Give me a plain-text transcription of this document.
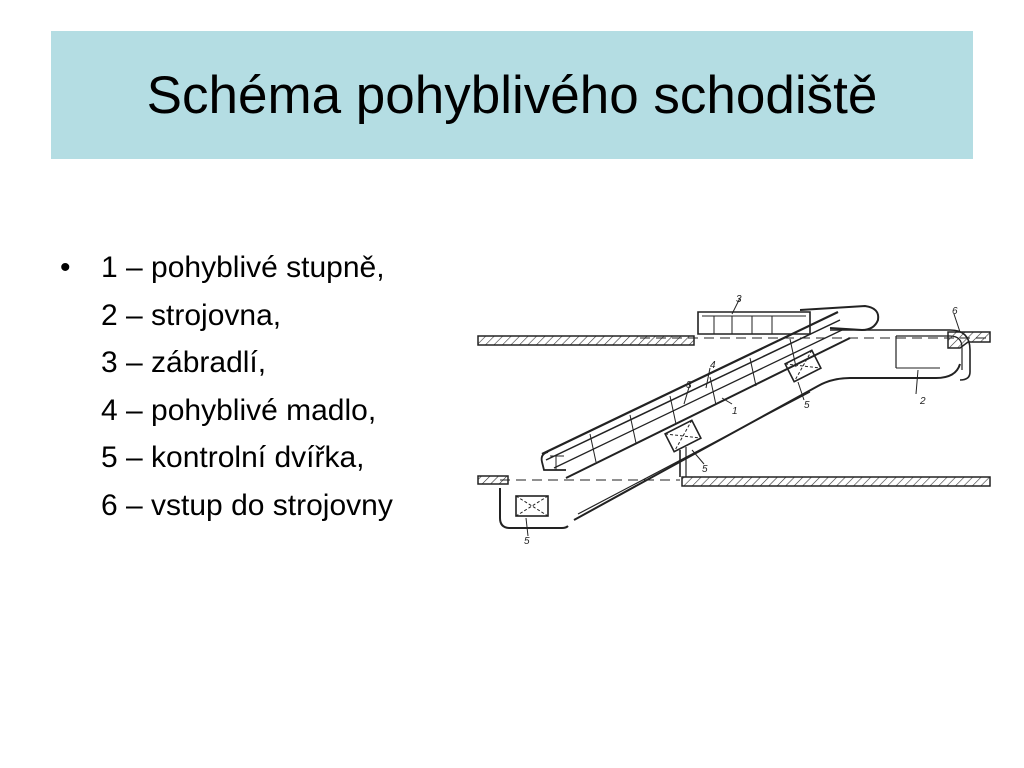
Schéma pohyblivého schodiště
•	1 – pohyblivé stupně,
2 – strojovna,
3 – zábradlí,
4 – pohyblivé madlo,
5 – kontrolní dvířka,
6 – vstup do strojovny
3
6
2
4
3
1
5
5
5
